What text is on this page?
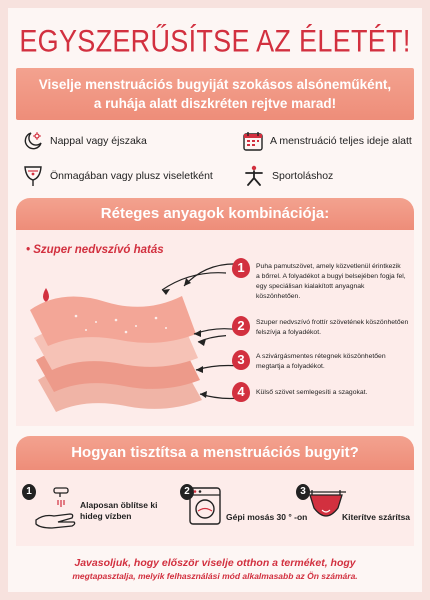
EGYSZERŰSÍTSE AZ ÉLETÉT!
Viselje menstruációs bugyiját szokásos alsóneműként,
a ruhája alatt diszkréten rejtve marad!
Nappal vagy éjszaka	A menstruáció teljes ideje alatt
Önmagában vagy plusz viseletként	Sportoláshoz
Réteges anyagok kombinációja:
• Szuper nedvszívó hatás
1	Puha pamutszövet, amely közvetlenül érintkezik
a bőrrel. A folyadékot a bugyi belsejében fogja fel,
egy speciálisan kialakított anyagnak
köszönhetően.
2	Szuper nedvszívó frottír szövetének köszönhetően
felszívja a folyadékot.
3	A szivárgásmentes rétegnek köszönhetően
megtartja a folyadékot.
4	Külső szövet semlegesíti a szagokat.
Hogyan tisztítsa a menstruációs bugyit?
1
Alaposan öblítse ki
hideg vízben
2
Gépi mosás 30 ° -on
3
Kiterítve szárítsa
Javasoljuk, hogy először viselje otthon a terméket, hogy
megtapasztalja, melyik felhasználási mód alkalmasabb az Ön számára.
